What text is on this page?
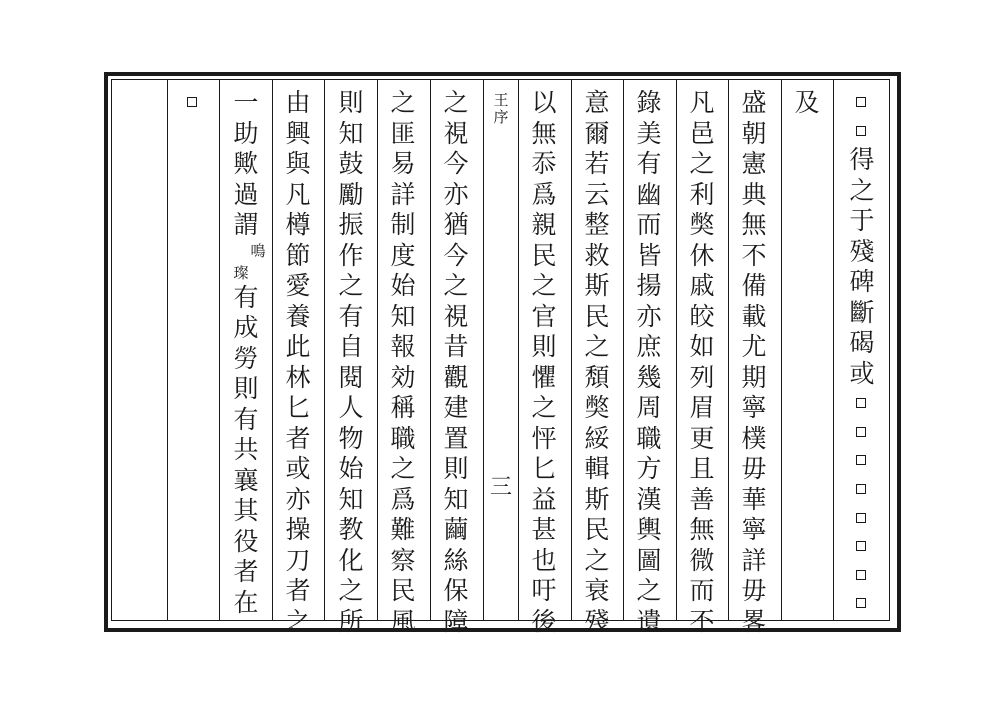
得
之
于
殘
碑
斷
碣
或
及
盛
朝
憲
典
無
不
備
載
尤
期
寧
樸
毋
華
寧
詳
毋
畧
凡
邑
之
利
獘
休
戚
皎
如
列
眉
更
且
善
無
微
而
不
錄
美
有
幽
而
皆
揚
亦
庶
幾
周
職
方
漢
輿
圖
之
遺
意
爾
若
云
整
救
斯
民
之
頽
獘
綏
輯
斯
民
之
衰
殘
以
無
忝
爲
親
民
之
官
則
懼
之
怦
匕
益
甚
也
吁
後
王
序
三
之
視
今
亦
猶
今
之
視
昔
觀
建
置
則
知
繭
絲
保
障
之
匪
易
詳
制
度
始
知
報
効
稱
職
之
爲
難
察
民
風
則
知
鼓
勵
振
作
之
有
自
閱
人
物
始
知
教
化
之
所
由
興
與
凡
樽
節
愛
養
此
林
匕
者
或
亦
操
刀
者
之
一
助
歟
過
謂
鳴
璨
有
成
勞
則
有
共
襄
其
役
者
在
